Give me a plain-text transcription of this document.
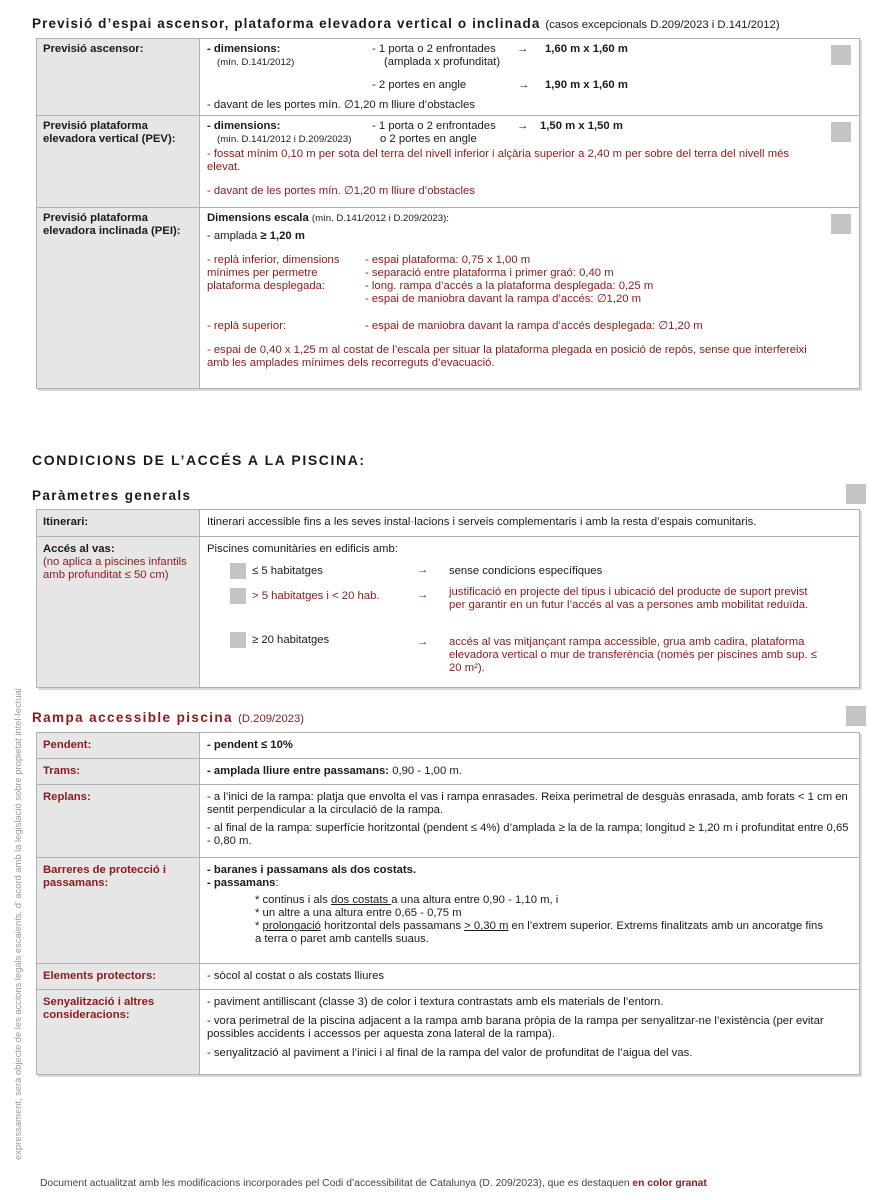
Previsió d’espai ascensor, plataforma elevadora vertical o inclinada (casos excepcionals D.209/2023 i D.141/2012)
Previsió ascensor:	- dimensions:
(mín. D.141/2012)
- 1 porta o 2 enfrontades
(amplada x profunditat)
→ 1,60 m x 1,60 m
- 2 portes en angle	→ 1,90 m x 1,60 m
- davant de les portes mín. ∅1,20 m lliure d’obstacles
Previsió plataforma elevadora vertical (PEV):
- dimensions:
(mín. D.141/2012 i D.209/2023)
- 1 porta o 2 enfrontades
o 2 portes en angle
→ 1,50 m x 1,50 m
- fossat mínim 0,10 m per sota del terra del nivell inferior i alçària superior a 2,40 m per sobre del terra del nivell més elevat.
- davant de les portes mín. ∅1,20 m lliure d’obstacles
Previsió plataforma elevadora inclinada (PEI):
Dimensions escala (mín. D.141/2012 i D.209/2023):
- amplada ≥ 1,20 m
- replà inferior, dimensions mínimes per permetre plataforma desplegada:
- espai plataforma: 0,75 x 1,00 m
- separació entre plataforma i primer graó: 0,40 m
- long. rampa d’accés a la plataforma desplegada: 0,25 m
- espai de maniobra davant la rampa d’accés: ∅1,20 m
- replà superior:	- espai de maniobra davant la rampa d’accés desplegada: ∅1,20 m
- espai de 0,40 x 1,25 m al costat de l’escala per situar la plataforma plegada en posició de repòs, sense que interfereixi amb les amplades mínimes dels recorreguts d’evacuació.
CONDICIONS DE L’ACCÉS A LA PISCINA:
Paràmetres generals
Itinerari:	Itinerari accessible fins a les seves instal·lacions i serveis complementaris i amb la resta d’espais comunitaris.
Accés al vas:
(no aplica a piscines infantils amb profunditat ≤ 50 cm)
Piscines comunitàries en edificis amb:
≤ 5 habitatges	→ sense condicions específiques
> 5 habitatges i < 20 hab.	→ justificació en projecte del tipus i ubicació del producte de suport previst per garantir en un futur l’accés al vas a persones amb mobilitat reduïda.
≥ 20 habitatges	→ accés al vas mitjançant rampa accessible, grua amb cadira, plataforma elevadora vertical o mur de transferència (només per piscines amb sup. ≤ 20 m²).
Rampa accessible piscina (D.209/2023)
Pendent:	- pendent ≤ 10%
Trams:	- amplada lliure entre passamans: 0,90 - 1,00 m.
Replans:	- a l’inici de la rampa: platja que envolta el vas i rampa enrasades. Reixa perimetral de desguàs enrasada, amb forats < 1 cm en sentit perpendicular a la circulació de la rampa.
- al final de la rampa: superfície horitzontal (pendent ≤ 4%) d’amplada ≥ la de la rampa; longitud ≥ 1,20 m i profunditat entre 0,65 - 0,80 m.
Barreres de protecció i passamans:
- baranes i passamans als dos costats.
- passamans:
* continus i als dos costats a una altura entre 0,90 - 1,10 m, i
* un altre a una altura entre 0,65 - 0,75 m
* prolongació horitzontal dels passamans > 0,30 m en l’extrem superior. Extrems finalitzats amb un ancoratge fins a terra o paret amb cantells suaus.
Elements protectors:	- sòcol al costat o als costats lliures
Senyalització i altres consideracions:
- paviment antilliscant (classe 3) de color i textura contrastats amb els materials de l’entorn.
- vora perimetral de la piscina adjacent a la rampa amb barana pròpia de la rampa per senyalitzar-ne l’existència (per evitar possibles accidents i accessos per aquesta zona lateral de la rampa).
- senyalització al paviment a l’inici i al final de la rampa del valor de profunditat de l’aigua del vas.
expressament, serà objecte de les accions legals escaients, d’ acord amb la legislació sobre propietat intel·lectual
Document actualitzat amb les modificacions incorporades pel Codi d’accessibilitat de Catalunya (D. 209/2023), que es destaquen en color granat
